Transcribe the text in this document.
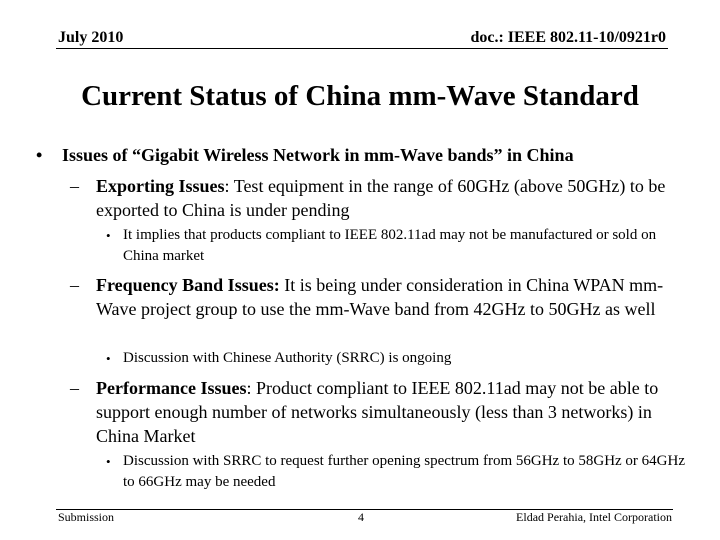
July 2010	doc.: IEEE 802.11-10/0921r0
Current Status of China mm-Wave Standard
• Issues of “Gigabit Wireless Network in mm-Wave bands” in China
– Exporting Issues: Test equipment in the range of 60GHz (above 50GHz) to be exported to China is under pending
• It implies that products compliant to IEEE 802.11ad may not be manufactured or sold on China market
– Frequency Band Issues: It is being under consideration in China WPAN mm-Wave project group to use the mm-Wave band from 42GHz to 50GHz as well
• Discussion with Chinese Authority (SRRC) is ongoing
– Performance Issues: Product compliant to IEEE 802.11ad may not be able to support enough number of networks simultaneously (less than 3 networks) in China Market
• Discussion with SRRC to request further opening spectrum from 56GHz to 58GHz or 64GHz to 66GHz may be needed
Submission	4	Eldad Perahia, Intel Corporation
